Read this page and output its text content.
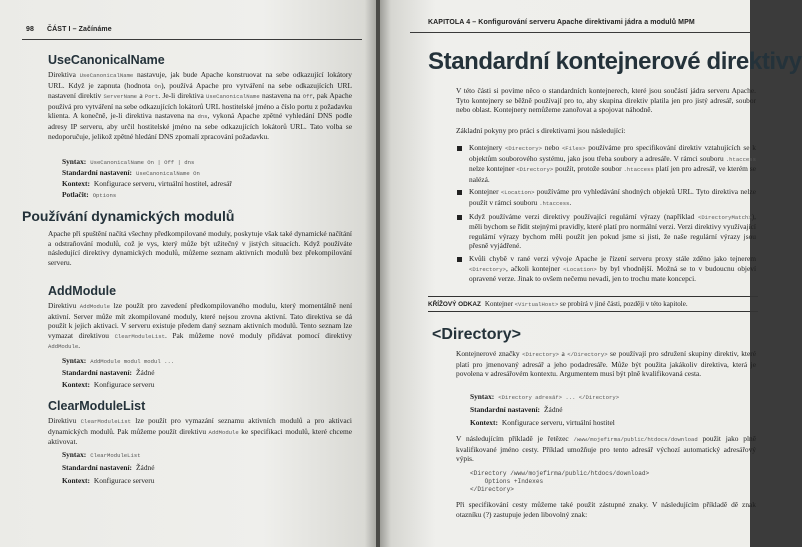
98 ČÁST I – Začínáme
UseCanonicalName
Direktiva UseCanonicalName nastavuje, jak bude Apache konstruovat na sebe odkazující lokátory URL. Když je zapnuta (hodnota On), používá Apache pro vytváření na sebe odkazujících URL nastavení direktiv ServerName a Port. Je-li direktiva UseCanonicalName nastavena na Off, pak Apache používá pro vytváření na sebe odkazujících lokátorů URL hostitelské jméno a číslo portu z požadavku klienta. A konečně, je-li direktiva nastavena na dns, vykoná Apache zpětné vyhledání DNS podle adresy IP serveru, aby určil hostitelské jméno na sebe odkazujících lokátorů URL. Tato volba se nedoporučuje, jelikož zpětné hledání DNS zpomalí zpracování požadavku.
Syntax: UseCanonicalName On | Off | dns
Standardní nastavení: UseCanonicalName On
Kontext: Konfigurace serveru, virtuální hostitel, adresář
Potlačit: Options
Používání dynamických modulů
Apache při spuštění načítá všechny předkompilované moduly, poskytuje však také dynamické načítání a odstraňování modulů, což je vys, který může být užitečný v jistých situacích. Když používáte následující direktivy dynamických modulů, můžeme seznam aktivních modulů bez překompilování serveru.
AddModule
Direktivu AddModule lze použít pro zavedení předkompilovaného modulu, který momentálně není aktivní. Server může mít zkompilované moduly, které nejsou zrovna aktivní. Tato direktiva se dá použít k jejich aktivaci. V serveru existuje předem daný seznam aktivních modulů. Tento seznam lze vymazat direktivou ClearModuleList. Pak můžeme nové moduly přidávat pomocí direktivy AddModule.
Syntax: AddModule modul modul ...
Standardní nastavení: Žádné
Kontext: Konfigurace serveru
ClearModuleList
Direktivu ClearModuleList lze použít pro vymazání seznamu aktivních modulů a pro aktivaci dynamických modulů. Pak můžeme použít direktivu AddModule ke specifikaci modulů, které chceme aktivovat.
Syntax: ClearModuleList
Standardní nastavení: Žádné
Kontext: Konfigurace serveru
KAPITOLA 4 – Konfigurování serveru Apache direktivami jádra a modulů MPM
Standardní kontejnerové direktivy
V této části si povíme něco o standardních kontejnerech, které jsou součástí jádra serveru Apache. Tyto kontejnery se běžně používají pro to, aby skupina direktiv platila jen pro jistý adresář, soubor nebo oblast. Kontejnery nemůžeme zanořovat a spojovat náhodně.
Základní pokyny pro práci s direktivami jsou následující:
Kontejnery <Directory> nebo <Files> používáme pro specifikování direktiv vztahujících se k objektům souborového systému, jako jsou třeba soubory a adresáře. V rámci souboru .htaccess nelze kontejner <Directory> použít, protože soubor .htaccess platí jen pro adresář, ve kterém se nalézá.
Kontejner <Location> používáme pro vyhledávání shodných objektů URL. Tyto direktiva nelze použít v rámci souboru .htaccess.
Když používáme verzi direktivy používající regulární výrazy (například <DirectoryMatch>), měli bychom se řídit stejnými pravidly, které platí pro normální verzi. Verzi direktivy využívající regulární výrazy bychom měli použít jen pokud jsme si jisti, že naše regulární výrazy jsou přesně vyjádřené.
Kvůli chybě v rané verzi vývoje Apache je řízení serveru proxy stále zděno jako tejnerem <Directory>, ačkoli kontejner <Location> by byl vhodnější. Možná se to v budoucnu objeví opravené verze. Jinak to ovšem nečemu nevadí, jen to trochu mate koncepci.
KŘÍŽOVÝ ODKAZ Kontejner <VirtualHost> se probírá v jiné části, později v této kapitole.
<Directory>
Kontejnerové značky <Directory> a </Directory> se používají pro sdružení skupiny direktiv, které platí pro jmenovaný adresář a jeho podadresáře. Může být použita jakákoliv direktiva, která je povolena v adresářovém kontextu. Argumentem musí být plně kvalifikovaná cesta.
Syntax: <Directory adresář> ... </Directory>
Standardní nastavení: Žádné
Kontext: Konfigurace serveru, virtuální hostitel
V následujícím příkladě je řetězec /www/mojefirma/public/htdocs/download použit jako plně kvalifikované jméno cesty. Příklad umožňuje pro tento adresář výchozí automatický adresářový výpis.
<Directory /www/mojefirma/public/htdocs/download>
Options +Indexes
</Directory>
Při specifikování cesty můžeme také použít zástupné znaky. V následujícím příkladě dě znak otazníku (?) zastupuje jeden libovolný znak:
